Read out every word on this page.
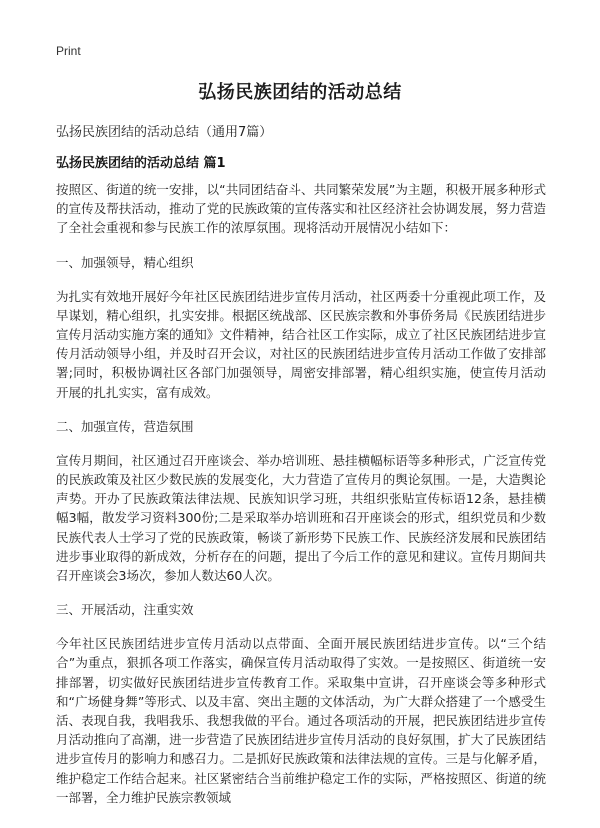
Print
弘扬民族团结的活动总结
弘扬民族团结的活动总结（通用7篇）
弘扬民族团结的活动总结 篇1

按照区、街道的统一安排，以“共同团结奋斗、共同繁荣发展”为主题，积极开展多种形式的宣传及帮扶活动，推动了党的民族政策的宣传落实和社区经济社会协调发展，努力营造了全社会重视和参与民族工作的浓厚氛围。现将活动开展情况小结如下：

一、加强领导，精心组织

为扎实有效地开展好今年社区民族团结进步宣传月活动，社区两委十分重视此项工作，及早谋划，精心组织，扎实安排。根据区统战部、区民族宗教和外事侨务局《民族团结进步宣传月活动实施方案的通知》文件精神，结合社区工作实际，成立了社区民族团结进步宣传月活动领导小组，并及时召开会议，对社区的民族团结进步宣传月活动工作做了安排部署;同时，积极协调社区各部门加强领导，周密安排部署，精心组织实施，使宣传月活动开展的扎扎实实，富有成效。

二、加强宣传，营造氛围

宣传月期间，社区通过召开座谈会、举办培训班、悬挂横幅标语等多种形式，广泛宣传党的民族政策及社区少数民族的发展变化，大力营造了宣传月的舆论氛围。一是，大造舆论声势。开办了民族政策法律法规、民族知识学习班，共组织张贴宣传标语12条，悬挂横幅3幅，散发学习资料300份;二是采取举办培训班和召开座谈会的形式，组织党员和少数民族代表人士学习了党的民族政策，畅谈了新形势下民族工作、民族经济发展和民族团结进步事业取得的新成效，分析存在的问题，提出了今后工作的意见和建议。宣传月期间共召开座谈会3场次，参加人数达60人次。

三、开展活动，注重实效

今年社区民族团结进步宣传月活动以点带面、全面开展民族团结进步宣传。以“三个结合”为重点，狠抓各项工作落实，确保宣传月活动取得了实效。一是按照区、街道统一安排部署，切实做好民族团结进步宣传教育工作。采取集中宣讲，召开座谈会等多种形式和“广场健身舞”等形式、以及丰富、突出主题的文体活动，为广大群众搭建了一个感受生活、表现自我，我唱我乐、我想我做的平台。通过各项活动的开展，把民族团结进步宣传月活动推向了高潮，进一步营造了民族团结进步宣传月活动的良好氛围，扩大了民族团结进步宣传月的影响力和感召力。二是抓好民族政策和法律法规的宣传。三是与化解矛盾，维护稳定工作结合起来。社区紧密结合当前维护稳定工作的实际，严格按照区、街道的统一部署，全力维护民族宗教领域
